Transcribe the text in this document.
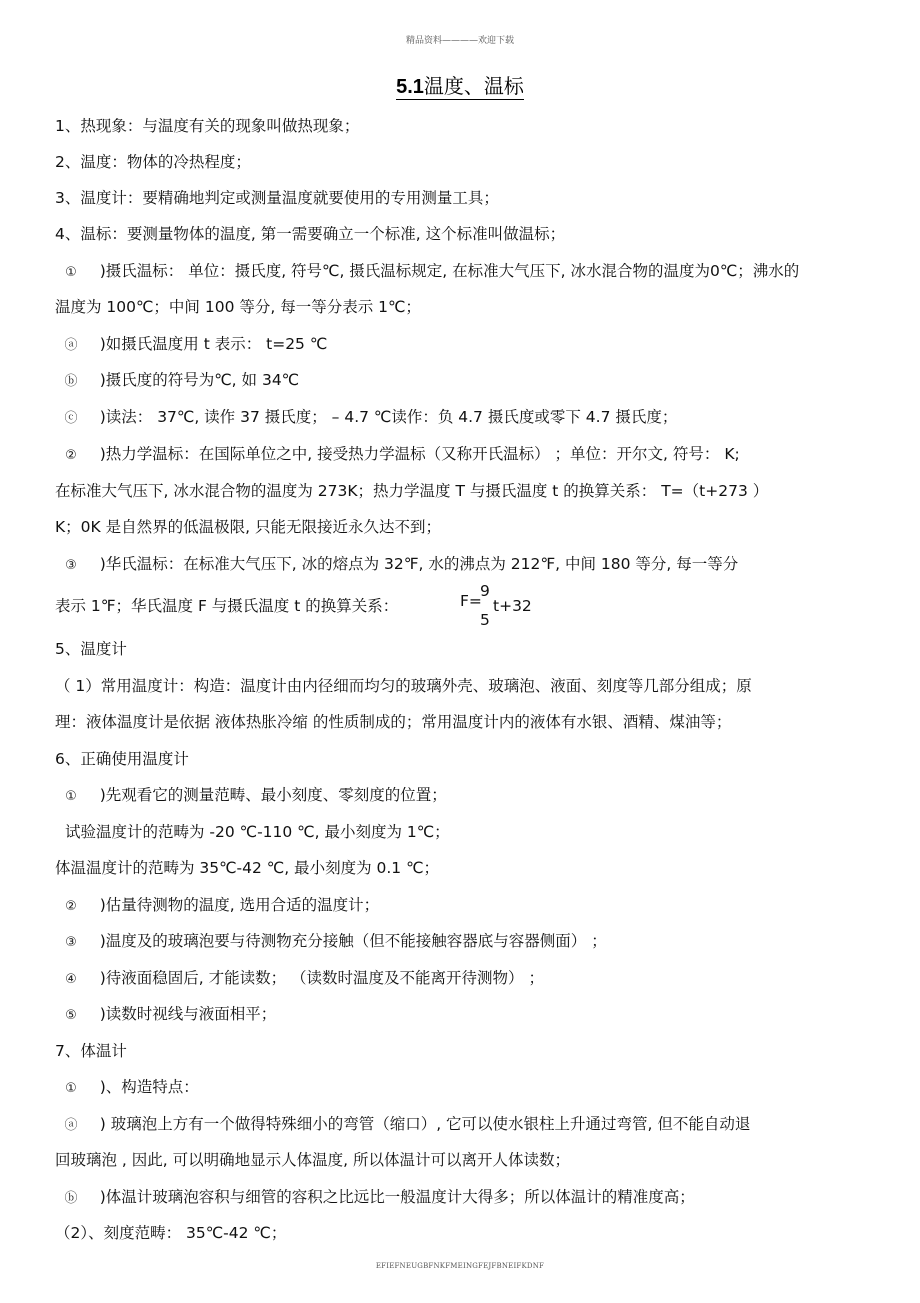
精品资料————欢迎下载
5.1温度、温标
1、热现象：与温度有关的现象叫做热现象；
2、温度：物体的冷热程度；
3、温度计：要精确地判定或测量温度就要使用的专用测量工具；
4、温标：要测量物体的温度, 第一需要确立一个标准, 这个标准叫做温标；
① )摄氏温标： 单位：摄氏度, 符号℃, 摄氏温标规定, 在标准大气压下, 冰水混合物的温度为0℃；沸水的
温度为 100℃；中间 100 等分, 每一等分表示 1℃；
ⓐ )如摄氏温度用 t 表示： t=25 ℃
ⓑ )摄氏度的符号为℃, 如 34℃
ⓒ )读法： 37℃, 读作 37 摄氏度； – 4.7 ℃读作：负 4.7 摄氏度或零下 4.7 摄氏度；
② )热力学温标：在国际单位之中, 接受热力学温标（又称开氏温标） ；单位：开尔文, 符号： K;
在标准大气压下, 冰水混合物的温度为 273K；热力学温度 T 与摄氏温度 t 的换算关系： T=（t+273 ）
K；0K 是自然界的低温极限, 只能无限接近永久达不到；
③ )华氏温标：在标准大气压下, 冰的熔点为 32℉, 水的沸点为 212℉, 中间 180 等分, 每一等分
表示 1℉；华氏温度 F 与摄氏温度 t 的换算关系：	F=
9
5
t+32
5、温度计
（ 1）常用温度计：构造：温度计由内径细而均匀的玻璃外壳、玻璃泡、液面、刻度等几部分组成；原
理：液体温度计是依据 液体热胀冷缩 的性质制成的；常用温度计内的液体有水银、酒精、煤油等；
6、正确使用温度计
① )先观看它的测量范畴、最小刻度、零刻度的位置；
试验温度计的范畴为 -20 ℃-110 ℃, 最小刻度为 1℃；
体温温度计的范畴为 35℃-42 ℃, 最小刻度为 0.1 ℃；
② )估量待测物的温度, 选用合适的温度计；
③ )温度及的玻璃泡要与待测物充分接触（但不能接触容器底与容器侧面） ；
④ )待液面稳固后, 才能读数； （读数时温度及不能离开待测物） ；
⑤ )读数时视线与液面相平；
7、体温计
① )、构造特点：
ⓐ ) 玻璃泡上方有一个做得特殊细小的弯管（缩口）, 它可以使水银柱上升通过弯管, 但不能自动退
回玻璃泡 , 因此, 可以明确地显示人体温度, 所以体温计可以离开人体读数；
ⓑ )体温计玻璃泡容积与细管的容积之比远比一般温度计大得多；所以体温计的精准度高；
（2）、刻度范畴： 35℃-42 ℃；
EFIEFNEUGBFNKFMEINGFEJFBNEIFKDNF
